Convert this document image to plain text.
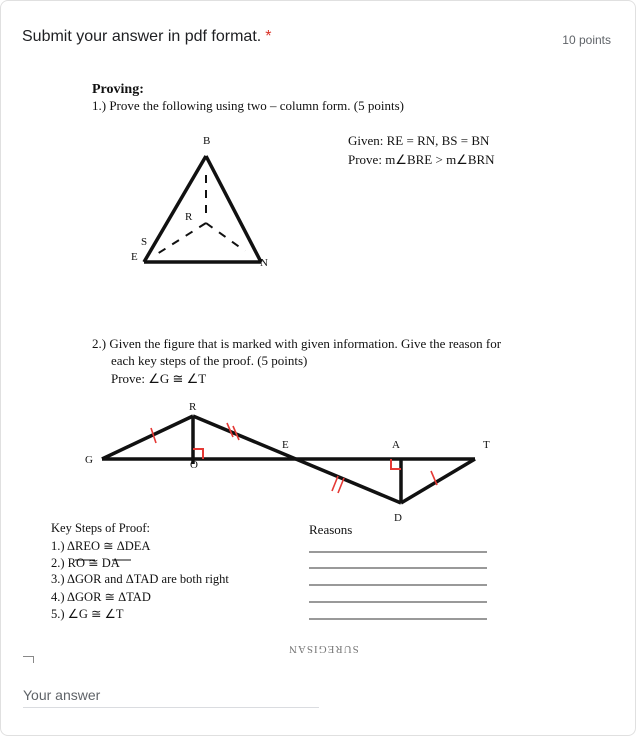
Submit your answer in pdf format. *	10 points
Proving:
1.) Prove the following using two – column form. (5 points)
Given: RE = RN, BS = BN
Prove: m∠BRE > m∠BRN
B
R
S
E	N
2.) Given the figure that is marked with given information. Give the reason for
each key steps of the proof. (5 points)
Prove: ∠G ≅ ∠T
R
E	A	T
G	O
D
Key Steps of Proof:	Reasons
1.) ΔREO ≅ ΔDEA
2.) RO ≅ DA
3.) ΔGOR and ΔTAD are both right
4.) ΔGOR ≅ ΔTAD
5.) ∠G ≅ ∠T
SUREGISAN
Your answer
